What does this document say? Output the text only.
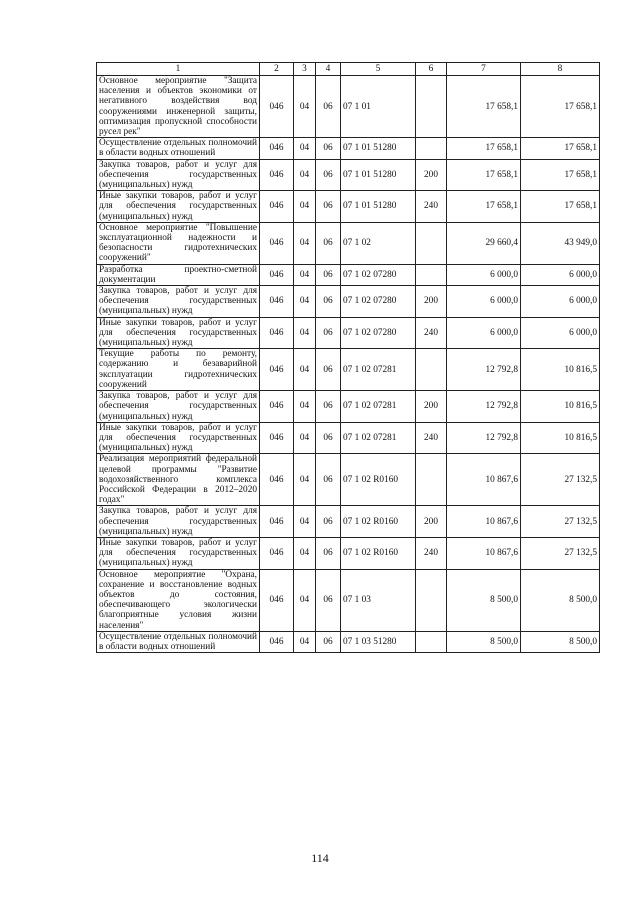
1	2	3	4	5	6	7	8
Основное мероприятие "Защита населения и объектов экономики от негативного воздействия вод сооружениями инженерной защиты, оптимизация пропускной способности русел рек"	046	04	06	07 1 01		17 658,1	17 658,1
Осуществление отдельных полномочий в области водных отношений	046	04	06	07 1 01 51280		17 658,1	17 658,1
Закупка товаров, работ и услуг для обеспечения государственных (муниципальных) нужд	046	04	06	07 1 01 51280	200	17 658,1	17 658,1
Иные закупки товаров, работ и услуг для обеспечения государственных (муниципальных) нужд	046	04	06	07 1 01 51280	240	17 658,1	17 658,1
Основное мероприятие "Повышение эксплуатационной надежности и безопасности гидротехнических сооружений"	046	04	06	07 1 02		29 660,4	43 949,0
Разработка проектно-сметной документации	046	04	06	07 1 02 07280		6 000,0	6 000,0
Закупка товаров, работ и услуг для обеспечения государственных (муниципальных) нужд	046	04	06	07 1 02 07280	200	6 000,0	6 000,0
Иные закупки товаров, работ и услуг для обеспечения государственных (муниципальных) нужд	046	04	06	07 1 02 07280	240	6 000,0	6 000,0
Текущие работы по ремонту, содержанию и безаварийной эксплуатации гидротехнических сооружений	046	04	06	07 1 02 07281		12 792,8	10 816,5
Закупка товаров, работ и услуг для обеспечения государственных (муниципальных) нужд	046	04	06	07 1 02 07281	200	12 792,8	10 816,5
Иные закупки товаров, работ и услуг для обеспечения государственных (муниципальных) нужд	046	04	06	07 1 02 07281	240	12 792,8	10 816,5
Реализация мероприятий федеральной целевой программы "Развитие водохозяйственного комплекса Российской Федерации в 2012–2020 годах"	046	04	06	07 1 02 R0160		10 867,6	27 132,5
Закупка товаров, работ и услуг для обеспечения государственных (муниципальных) нужд	046	04	06	07 1 02 R0160	200	10 867,6	27 132,5
Иные закупки товаров, работ и услуг для обеспечения государственных (муниципальных) нужд	046	04	06	07 1 02 R0160	240	10 867,6	27 132,5
Основное мероприятие "Охрана, сохранение и восстановление водных объектов до состояния, обеспечивающего экологически благоприятные условия жизни населения"	046	04	06	07 1 03		8 500,0	8 500,0
Осуществление отдельных полномочий в области водных отношений	046	04	06	07 1 03 51280		8 500,0	8 500,0
114
